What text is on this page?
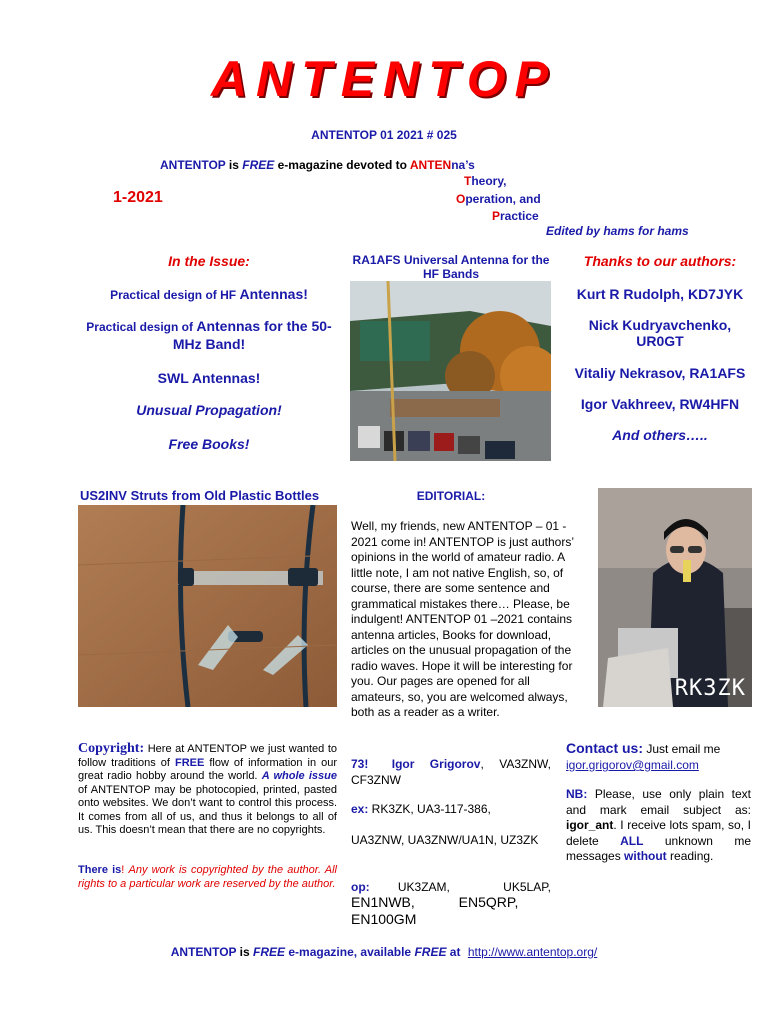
ANTENTOP
ANTENTOP 01 2021 # 025
ANTENTOP is FREE e-magazine devoted to ANTENna’s
Theory,
1-2021	Operation, and
Practice
Edited by hams for hams
In the Issue:
Practical design of HF Antennas!
Practical design of Antennas for the 50-MHz Band!
SWL Antennas!
Unusual Propagation!
Free Books!
RA1AFS Universal Antenna for the HF Bands
Thanks to our authors:
Kurt R Rudolph, KD7JYK
Nick Kudryavchenko, UR0GT
Vitaliy Nekrasov, RA1AFS
Igor Vakhreev, RW4HFN
And others…..
US2INV Struts from Old Plastic Bottles	EDITORIAL:
Well, my friends, new ANTENTOP – 01 - 2021 come in! ANTENTOP is just authors’ opinions in the world of amateur radio. A little note, I am not native English, so, of course, there are some sentence and grammatical mistakes there… Please, be indulgent! ANTENTOP 01 –2021 contains antenna articles, Books for download, articles on the unusual propagation of the radio waves. Hope it will be interesting for you. Our pages are opened for all amateurs, so, you are welcomed always, both as a reader as a writer.
73! Igor Grigorov, VA3ZNW, CF3ZNW
ex: RK3ZK, UA3-117-386,
UA3ZNW, UA3ZNW/UA1N, UZ3ZK
op: UK3ZAM, UK5LAP,
EN1NWB, EN5QRP, EN100GM
RK3ZK
Copyright: Here at ANTENTOP we just wanted to follow traditions of FREE flow of information in our great radio hobby around the world. A whole issue of ANTENTOP may be photocopied, printed, pasted onto websites. We don’t want to control this process. It comes from all of us, and thus it belongs to all of us. This doesn’t mean that there are no copyrights.
There is! Any work is copyrighted by the author. All rights to a particular work are reserved by the author.
Contact us: Just email me
igor.grigorov@gmail.com
NB: Please, use only plain text and mark email subject as: igor_ant. I receive lots spam, so, I delete ALL unknown me messages without reading.
ANTENTOP is FREE e-magazine, available FREE at http://www.antentop.org/
